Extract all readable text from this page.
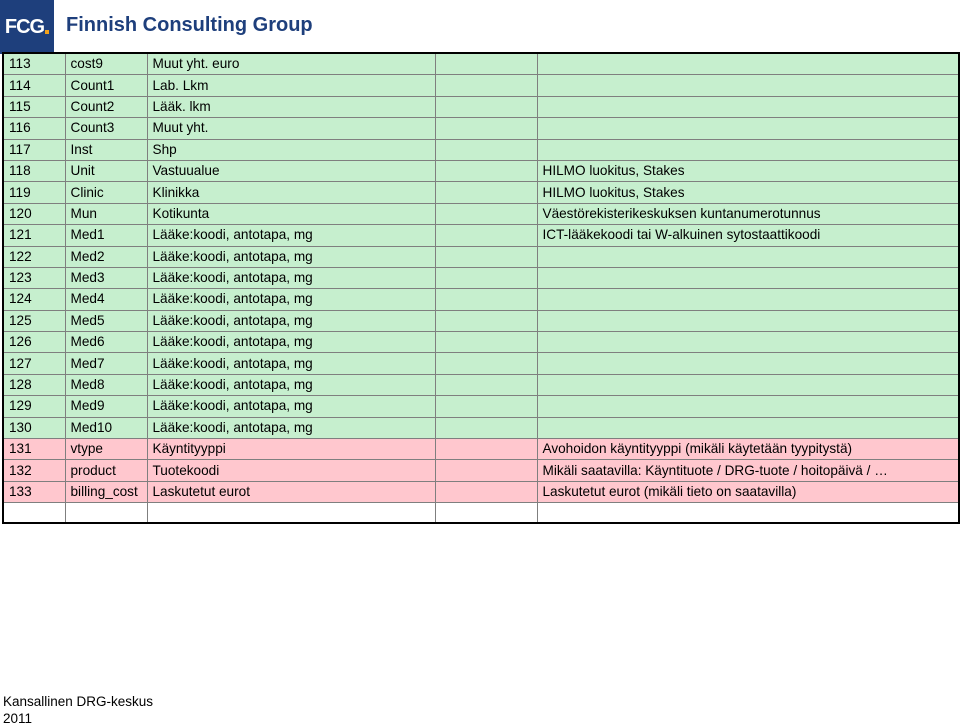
FCG Finnish Consulting Group
113	cost9	Muut yht. euro		
114	Count1	Lab. Lkm		
115	Count2	Lääk. lkm		
116	Count3	Muut yht.		
117	Inst	Shp		
118	Unit	Vastuualue		HILMO luokitus, Stakes
119	Clinic	Klinikka		HILMO luokitus, Stakes
120	Mun	Kotikunta		Väestörekisterikeskuksen kuntanumerotunnus
121	Med1	Lääke:koodi, antotapa, mg		ICT-lääkekoodi tai W-alkuinen sytostaattikoodi
122	Med2	Lääke:koodi, antotapa, mg		
123	Med3	Lääke:koodi, antotapa, mg		
124	Med4	Lääke:koodi, antotapa, mg		
125	Med5	Lääke:koodi, antotapa, mg		
126	Med6	Lääke:koodi, antotapa, mg		
127	Med7	Lääke:koodi, antotapa, mg		
128	Med8	Lääke:koodi, antotapa, mg		
129	Med9	Lääke:koodi, antotapa, mg		
130	Med10	Lääke:koodi, antotapa, mg		
131	vtype	Käyntityyppi		Avohoidon käyntityyppi (mikäli käytetään tyypitystä)
132	product	Tuotekoodi		Mikäli saatavilla: Käyntituote / DRG-tuote / hoitopäivä / …
133	billing_cost	Laskutetut eurot		Laskutetut eurot (mikäli tieto on saatavilla)

Kansallinen DRG-keskus
2011
